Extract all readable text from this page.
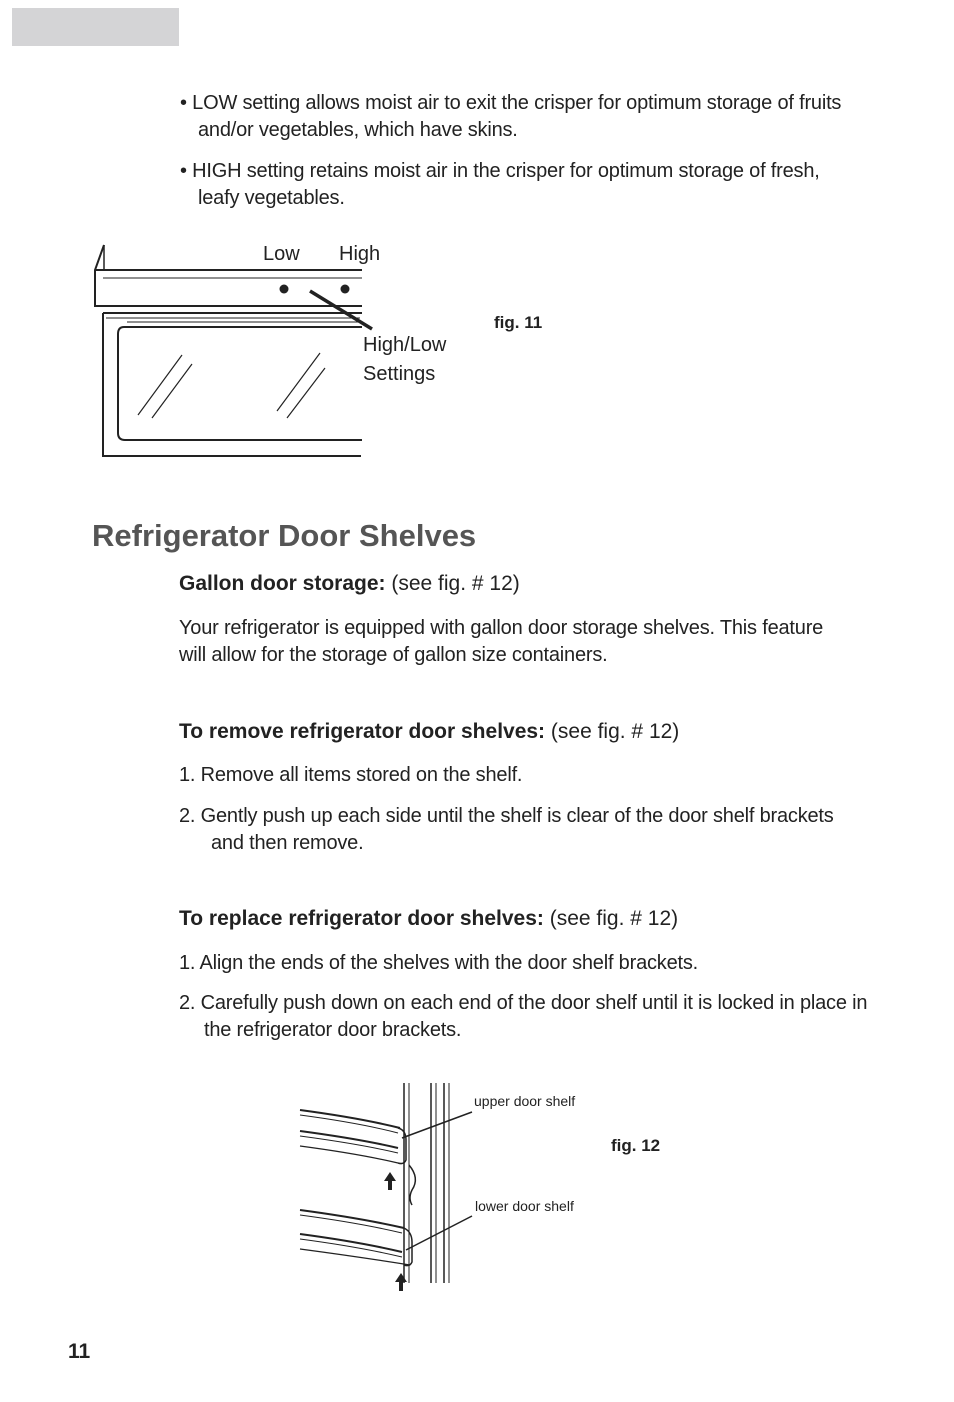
• LOW setting allows moist air to exit the crisper for optimum storage of fruits and/or vegetables, which have skins.
• HIGH setting retains moist air in the crisper for optimum storage of fresh, leafy vegetables.
Low High
High/Low
Settings
fig. 11
Refrigerator Door Shelves
Gallon door storage: (see fig. # 12)
Your refrigerator is equipped with gallon door storage shelves. This feature will allow for the storage of gallon size containers.
To remove refrigerator door shelves: (see fig. # 12)
1. Remove all items stored on the shelf.
2. Gently push up each side until the shelf is clear of the door shelf brackets and then remove.
To replace refrigerator door shelves: (see fig. # 12)
1. Align the ends of the shelves with the door shelf brackets.
2. Carefully push down on each end of the door shelf until it is locked in place in the refrigerator door brackets.
upper door shelf
lower door shelf
fig. 12
11
